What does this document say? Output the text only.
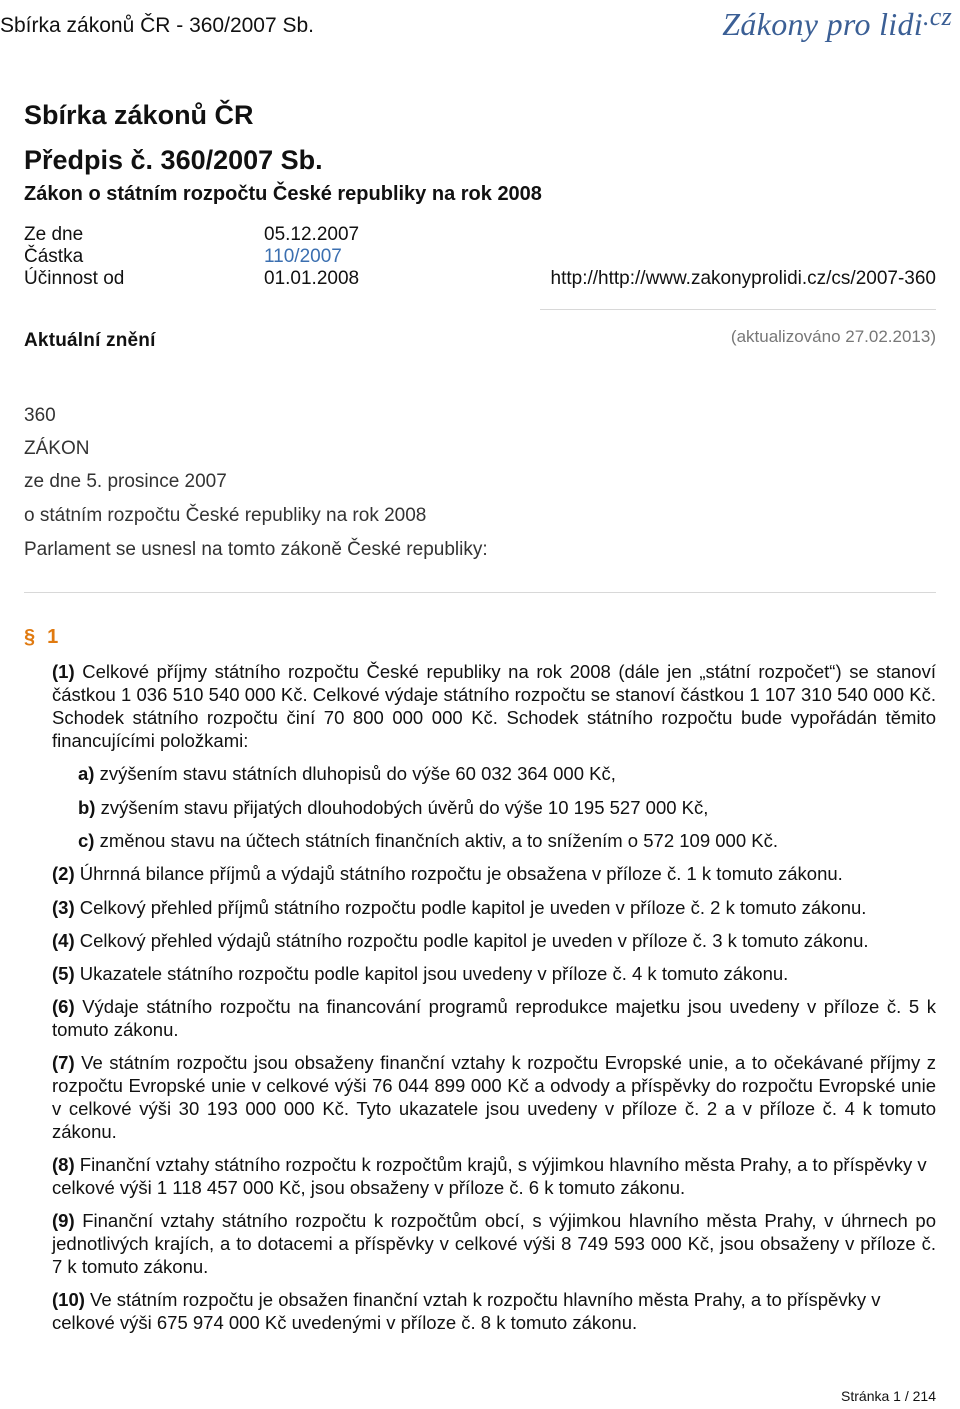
Sbírka zákonů ČR - 360/2007 Sb.	Zákony pro lidi$^{.cz}$
Sbírka zákonů ČR
Předpis č. 360/2007 Sb.
Zákon o státním rozpočtu České republiky na rok 2008
Ze dne	05.12.2007
Částka	110/2007
Účinnost od	01.01.2008	http://http://www.zakonyprolidi.cz/cs/2007-360
Aktuální znění	(aktualizováno 27.02.2013)
360
ZÁKON
ze dne 5. prosince 2007
o státním rozpočtu České republiky na rok 2008
Parlament se usnesl na tomto zákoně České republiky:
§ 1
(1) Celkové příjmy státního rozpočtu České republiky na rok 2008 (dále jen „státní rozpočet“) se stanoví částkou 1 036 510 540 000 Kč. Celkové výdaje státního rozpočtu se stanoví částkou 1 107 310 540 000 Kč. Schodek státního rozpočtu činí 70 800 000 000 Kč. Schodek státního rozpočtu bude vypořádán těmito financujícími položkami:
a) zvýšením stavu státních dluhopisů do výše 60 032 364 000 Kč,
b) zvýšením stavu přijatých dlouhodobých úvěrů do výše 10 195 527 000 Kč,
c) změnou stavu na účtech státních finančních aktiv, a to snížením o 572 109 000 Kč.
(2) Úhrnná bilance příjmů a výdajů státního rozpočtu je obsažena v příloze č. 1 k tomuto zákonu.
(3) Celkový přehled příjmů státního rozpočtu podle kapitol je uveden v příloze č. 2 k tomuto zákonu.
(4) Celkový přehled výdajů státního rozpočtu podle kapitol je uveden v příloze č. 3 k tomuto zákonu.
(5) Ukazatele státního rozpočtu podle kapitol jsou uvedeny v příloze č. 4 k tomuto zákonu.
(6) Výdaje státního rozpočtu na financování programů reprodukce majetku jsou uvedeny v příloze č. 5 k tomuto zákonu.
(7) Ve státním rozpočtu jsou obsaženy finanční vztahy k rozpočtu Evropské unie, a to očekávané příjmy z rozpočtu Evropské unie v celkové výši 76 044 899 000 Kč a odvody a příspěvky do rozpočtu Evropské unie v celkové výši 30 193 000 000 Kč. Tyto ukazatele jsou uvedeny v příloze č. 2 a v příloze č. 4 k tomuto zákonu.
(8) Finanční vztahy státního rozpočtu k rozpočtům krajů, s výjimkou hlavního města Prahy, a to příspěvky v celkové výši 1 118 457 000 Kč, jsou obsaženy v příloze č. 6 k tomuto zákonu.
(9) Finanční vztahy státního rozpočtu k rozpočtům obcí, s výjimkou hlavního města Prahy, v úhrnech po jednotlivých krajích, a to dotacemi a příspěvky v celkové výši 8 749 593 000 Kč, jsou obsaženy v příloze č. 7 k tomuto zákonu.
(10) Ve státním rozpočtu je obsažen finanční vztah k rozpočtu hlavního města Prahy, a to příspěvky v celkové výši 675 974 000 Kč uvedenými v příloze č. 8 k tomuto zákonu.
Stránka 1 / 214
